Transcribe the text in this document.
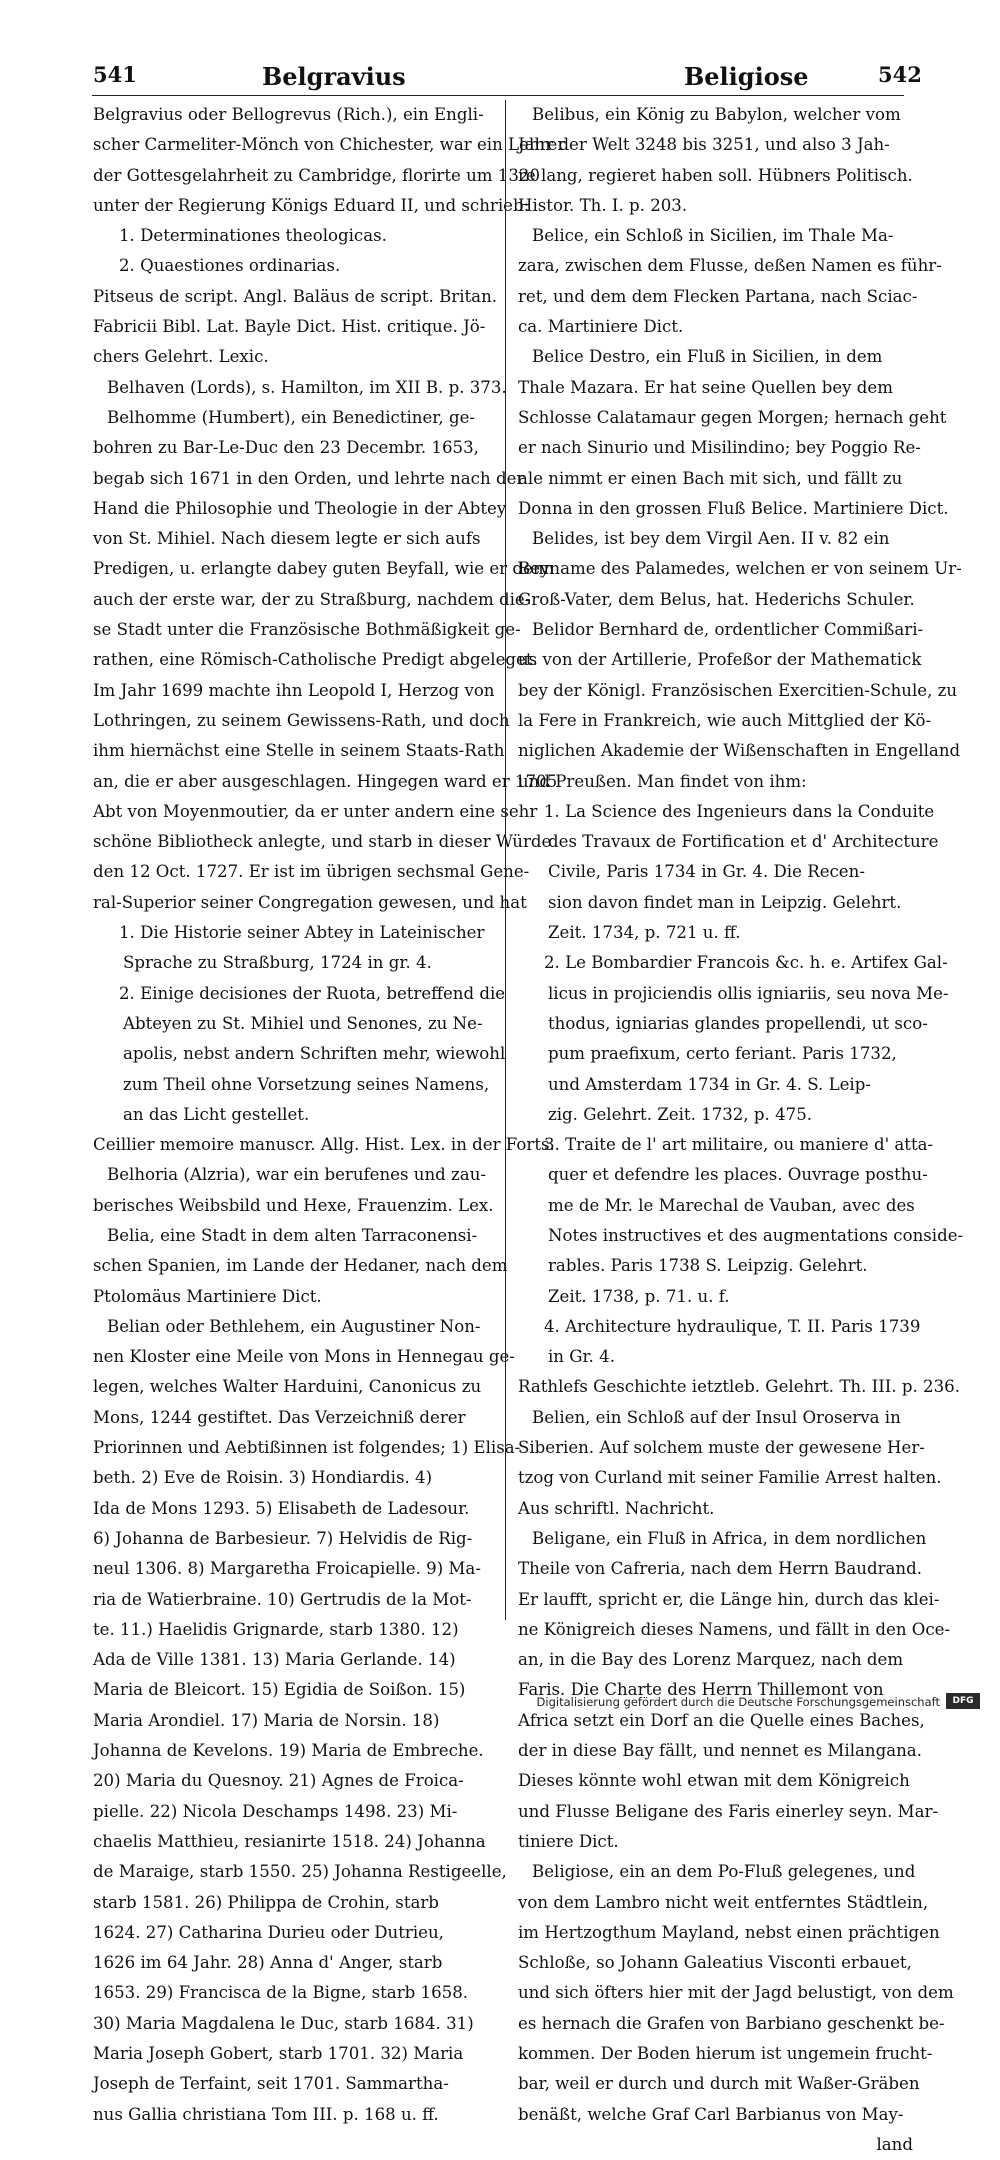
541	Belgravius	Beligiose	542
Belgravius oder Bellogrevus (Rich.), ein Engli-
scher Carmeliter-Mönch von Chichester, war ein Lehrer
der Gottesgelahrheit zu Cambridge, florirte um 1320
unter der Regierung Königs Eduard II, und schrieb:
1. Determinationes theologicas.
2. Quaestiones ordinarias.
Pitseus de script. Angl. Baläus de script. Britan.
Fabricii Bibl. Lat. Bayle Dict. Hist. critique. Jö-
chers Gelehrt. Lexic.
Belhaven (Lords), s. Hamilton, im XII B. p. 373.
Belhomme (Humbert), ein Benedictiner, ge-
bohren zu Bar-Le-Duc den 23 Decembr. 1653,
begab sich 1671 in den Orden, und lehrte nach der
Hand die Philosophie und Theologie in der Abtey
von St. Mihiel. Nach diesem legte er sich aufs
Predigen, u. erlangte dabey guten Beyfall, wie er denn
auch der erste war, der zu Straßburg, nachdem die-
se Stadt unter die Französische Bothmäßigkeit ge-
rathen, eine Römisch-Catholische Predigt abgeleget.
Im Jahr 1699 machte ihn Leopold I, Herzog von
Lothringen, zu seinem Gewissens-Rath, und doch
ihm hiernächst eine Stelle in seinem Staats-Rath
an, die er aber ausgeschlagen. Hingegen ward er 1705
Abt von Moyenmoutier, da er unter andern eine sehr
schöne Bibliotheck anlegte, und starb in dieser Würde
den 12 Oct. 1727. Er ist im übrigen sechsmal Gene-
ral-Superior seiner Congregation gewesen, und hat
1. Die Historie seiner Abtey in Lateinischer
Sprache zu Straßburg, 1724 in gr. 4.
2. Einige decisiones der Ruota, betreffend die
Abteyen zu St. Mihiel und Senones, zu Ne-
apolis, nebst andern Schriften mehr, wiewohl
zum Theil ohne Vorsetzung seines Namens,
an das Licht gestellet.
Ceillier memoire manuscr. Allg. Hist. Lex. in der Forts.
Belhoria (Alzria), war ein berufenes und zau-
berisches Weibsbild und Hexe, Frauenzim. Lex.
Belia, eine Stadt in dem alten Tarraconensi-
schen Spanien, im Lande der Hedaner, nach dem
Ptolomäus Martiniere Dict.
Belian oder Bethlehem, ein Augustiner Non-
nen Kloster eine Meile von Mons in Hennegau ge-
legen, welches Walter Harduini, Canonicus zu
Mons, 1244 gestiftet. Das Verzeichniß derer
Priorinnen und Aebtißinnen ist folgendes; 1) Elisa-
beth. 2) Eve de Roisin. 3) Hondiardis. 4)
Ida de Mons 1293. 5) Elisabeth de Ladesour.
6) Johanna de Barbesieur. 7) Helvidis de Rig-
neul 1306. 8) Margaretha Froicapielle. 9) Ma-
ria de Watierbraine. 10) Gertrudis de la Mot-
te. 11.) Haelidis Grignarde, starb 1380. 12)
Ada de Ville 1381. 13) Maria Gerlande. 14)
Maria de Bleicort. 15) Egidia de Soißon. 15)
Maria Arondiel. 17) Maria de Norsin. 18)
Johanna de Kevelons. 19) Maria de Embreche.
20) Maria du Quesnoy. 21) Agnes de Froica-
pielle. 22) Nicola Deschamps 1498. 23) Mi-
chaelis Matthieu, resianirte 1518. 24) Johanna
de Maraige, starb 1550. 25) Johanna Restigeelle,
starb 1581. 26) Philippa de Crohin, starb
1624. 27) Catharina Durieu oder Dutrieu,
1626 im 64 Jahr. 28) Anna d' Anger, starb
1653. 29) Francisca de la Bigne, starb 1658.
30) Maria Magdalena le Duc, starb 1684. 31)
Maria Joseph Gobert, starb 1701. 32) Maria
Joseph de Terfaint, seit 1701. Sammartha-
nus Gallia christiana Tom III. p. 168 u. ff.
Belibus, ein König zu Babylon, welcher vom
Jahr der Welt 3248 bis 3251, und also 3 Jah-
re lang, regieret haben soll. Hübners Politisch.
Histor. Th. I. p. 203.
Belice, ein Schloß in Sicilien, im Thale Ma-
zara, zwischen dem Flusse, deßen Namen es führ-
ret, und dem dem Flecken Partana, nach Sciac-
ca. Martiniere Dict.
Belice Destro, ein Fluß in Sicilien, in dem
Thale Mazara. Er hat seine Quellen bey dem
Schlosse Calatamaur gegen Morgen; hernach geht
er nach Sinurio und Misilindino; bey Poggio Re-
ale nimmt er einen Bach mit sich, und fällt zu
Donna in den grossen Fluß Belice. Martiniere Dict.
Belides, ist bey dem Virgil Aen. II v. 82 ein
Beyname des Palamedes, welchen er von seinem Ur-
Groß-Vater, dem Belus, hat. Hederichs Schuler.
Belidor Bernhard de, ordentlicher Commißari-
us von der Artillerie, Profeßor der Mathematick
bey der Königl. Französischen Exercitien-Schule, zu
la Fere in Frankreich, wie auch Mittglied der Kö-
niglichen Akademie der Wißenschaften in Engelland
und Preußen. Man findet von ihm:
1. La Science des Ingenieurs dans la Conduite
des Travaux de Fortification et d' Architecture
Civile, Paris 1734 in Gr. 4. Die Recen-
sion davon findet man in Leipzig. Gelehrt.
Zeit. 1734, p. 721 u. ff.
2. Le Bombardier Francois &c. h. e. Artifex Gal-
licus in projiciendis ollis igniariis, seu nova Me-
thodus, igniarias glandes propellendi, ut sco-
pum praefixum, certo feriant. Paris 1732,
und Amsterdam 1734 in Gr. 4. S. Leip-
zig. Gelehrt. Zeit. 1732, p. 475.
3. Traite de l' art militaire, ou maniere d' atta-
quer et defendre les places. Ouvrage posthu-
me de Mr. le Marechal de Vauban, avec des
Notes instructives et des augmentations conside-
rables. Paris 1738 S. Leipzig. Gelehrt.
Zeit. 1738, p. 71. u. f.
4. Architecture hydraulique, T. II. Paris 1739
in Gr. 4.
Rathlefs Geschichte ietztleb. Gelehrt. Th. III. p. 236.
Belien, ein Schloß auf der Insul Oroserva in
Siberien. Auf solchem muste der gewesene Her-
tzog von Curland mit seiner Familie Arrest halten.
Aus schriftl. Nachricht.
Beligane, ein Fluß in Africa, in dem nordlichen
Theile von Cafreria, nach dem Herrn Baudrand.
Er laufft, spricht er, die Länge hin, durch das klei-
ne Königreich dieses Namens, und fällt in den Oce-
an, in die Bay des Lorenz Marquez, nach dem
Faris. Die Charte des Herrn Thillemont von
Africa setzt ein Dorf an die Quelle eines Baches,
der in diese Bay fällt, und nennet es Milangana.
Dieses könnte wohl etwan mit dem Königreich
und Flusse Beligane des Faris einerley seyn. Mar-
tiniere Dict.
Beligiose, ein an dem Po-Fluß gelegenes, und
von dem Lambro nicht weit entferntes Städtlein,
im Hertzogthum Mayland, nebst einen prächtigen
Schloße, so Johann Galeatius Visconti erbauet,
und sich öfters hier mit der Jagd belustigt, von dem
es hernach die Grafen von Barbiano geschenkt be-
kommen. Der Boden hierum ist ungemein frucht-
bar, weil er durch und durch mit Waßer-Gräben
benäßt, welche Graf Carl Barbianus von May-
land
Digitalisierung gefördert durch die Deutsche Forschungsgemeinschaft	DFG
